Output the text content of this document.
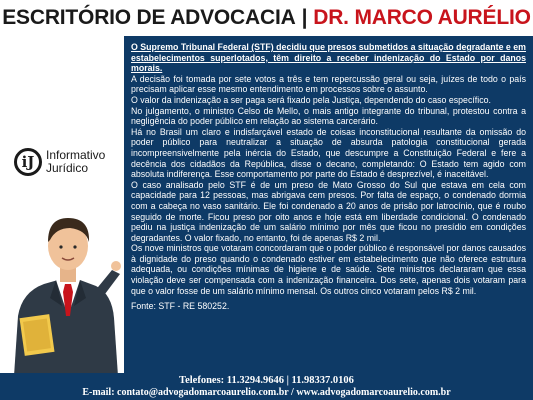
ESCRITÓRIO DE ADVOCACIA | DR. MARCO AURÉLIO
iJ Informativo
Jurídico

O Supremo Tribunal Federal (STF) decidiu que presos submetidos a situação degradante e em estabelecimentos superlotados, têm direito a receber indenização do Estado por danos morais.

A decisão foi tomada por sete votos a três e tem repercussão geral ou seja, juízes de todo o país precisam aplicar esse mesmo entendimento em processos sobre o assunto.

O valor da indenização a ser paga será fixado pela Justiça, dependendo do caso específico.

No julgamento, o ministro Celso de Mello, o mais antigo integrante do tribunal, protestou contra a negligência do poder público em relação ao sistema carcerário.

Há no Brasil um claro e indisfarçável estado de coisas inconstitucional resultante da omissão do poder público para neutralizar a situação de absurda patologia constitucional gerada incompreensivelmente pela inércia do Estado, que descumpre a Constituição Federal e fere a decência dos cidadãos da República, disse o decano, completando: O Estado tem agido com absoluta indiferença. Esse comportamento por parte do Estado é desprezível, é inaceitável.

O caso analisado pelo STF é de um preso de Mato Grosso do Sul que estava em cela com capacidade para 12 pessoas, mas abrigava cem presos. Por falta de espaço, o condenado dormia com a cabeça no vaso sanitário. Ele foi condenado a 20 anos de prisão por latrocínio, que é roubo seguido de morte. Ficou preso por oito anos e hoje está em liberdade condicional. O condenado pediu na justiça indenização de um salário mínimo por mês que ficou no presídio em condições degradantes. O valor fixado, no entanto, foi de apenas R$ 2 mil.

Os nove ministros que votaram concordaram que o poder público é responsável por danos causados à dignidade do preso quando o condenado estiver em estabelecimento que não oferece estrutura adequada, ou condições mínimas de higiene e de saúde. Sete ministros declararam que essa violação deve ser compensada com a indenização financeira. Dos sete, apenas dois votaram para que o valor fosse de um salário mínimo mensal. Os outros cinco votaram pelos R$ 2 mil.

Fonte: STF - RE 580252.

Telefones: 11.3294.9646 | 11.98337.0106
E-mail: contato@advogadomarcoaurelio.com.br / www.advogadomarcoaurelio.com.br
